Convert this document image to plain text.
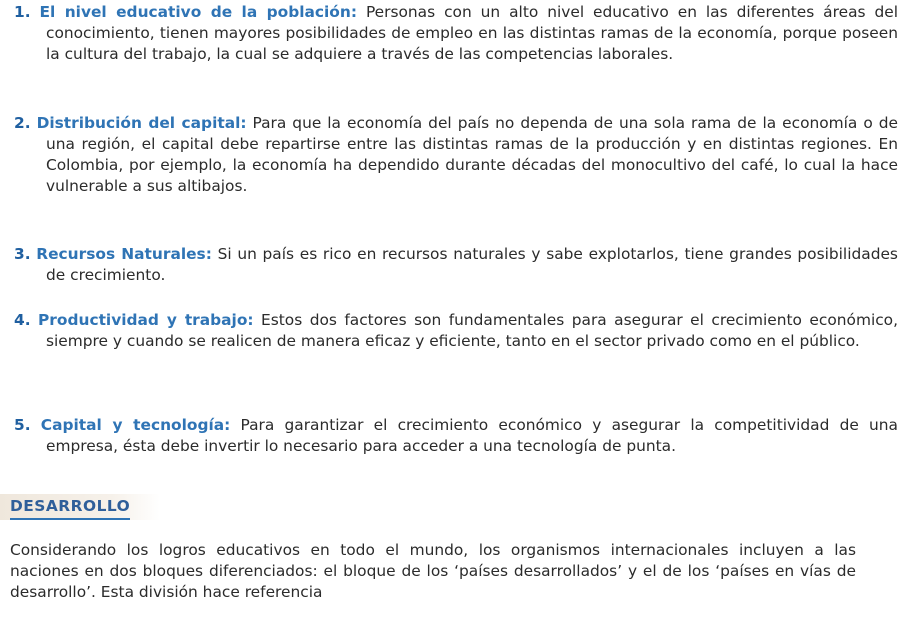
1. El nivel educativo de la población: Personas con un alto nivel educativo en las diferentes áreas del conocimiento, tienen mayores posibilidades de empleo en las distintas ramas de la economía, porque poseen la cultura del trabajo, la cual se adquiere a través de las competencias laborales.
2. Distribución del capital: Para que la economía del país no dependa de una sola rama de la economía o de una región, el capital debe repartirse entre las distintas ramas de la producción y en distintas regiones. En Colombia, por ejemplo, la economía ha dependido durante décadas del monocultivo del café, lo cual la hace vulnerable a sus altibajos.
3. Recursos Naturales: Si un país es rico en recursos naturales y sabe explotarlos, tiene grandes posibilidades de crecimiento.
4. Productividad y trabajo: Estos dos factores son fundamentales para asegurar el crecimiento económico, siempre y cuando se realicen de manera eficaz y eficiente, tanto en el sector privado como en el público.
5. Capital y tecnología: Para garantizar el crecimiento económico y asegurar la competitividad de una empresa, ésta debe invertir lo necesario para acceder a una tecnología de punta.
DESARROLLO
Considerando los logros educativos en todo el mundo, los organismos internacionales incluyen a las naciones en dos bloques diferenciados: el bloque de los ‘países desarrollados’ y el de los ‘países en vías de desarrollo’. Esta división hace referencia
